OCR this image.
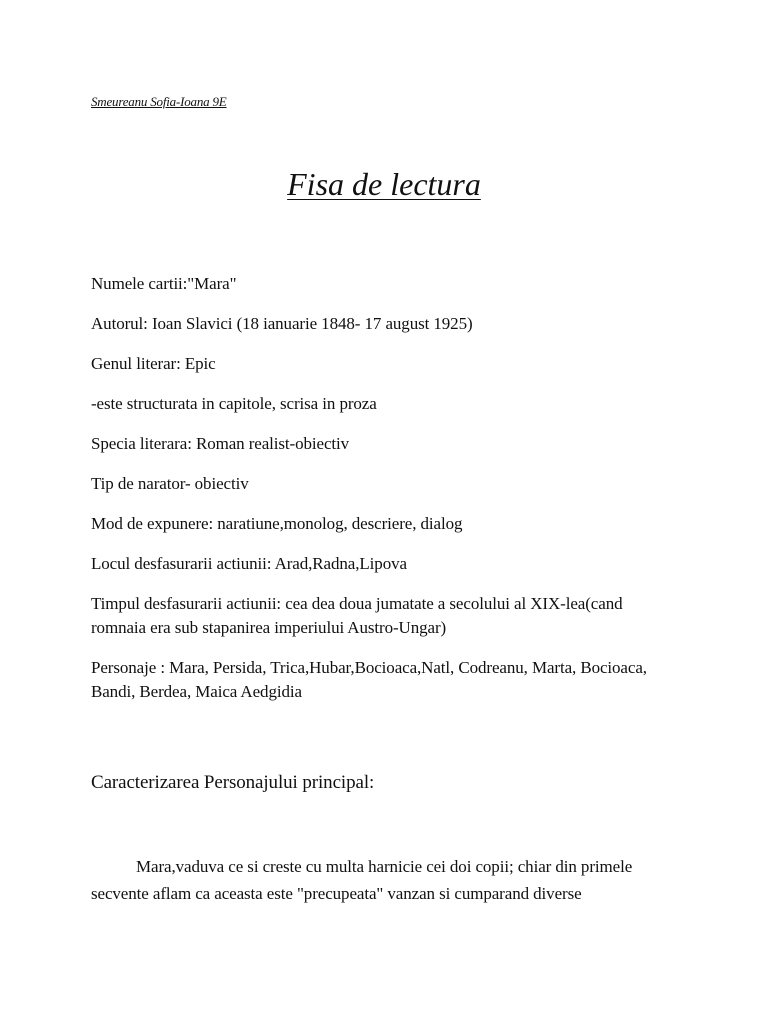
Smeureanu Sofia-Ioana 9E
Fisa de lectura
Numele cartii:"Mara"
Autorul: Ioan Slavici (18 ianuarie 1848- 17 august 1925)
Genul literar: Epic
-este structurata in capitole, scrisa in proza
Specia literara: Roman realist-obiectiv
Tip de narator- obiectiv
Mod de expunere: naratiune,monolog, descriere, dialog
Locul desfasurarii actiunii: Arad,Radna,Lipova
Timpul desfasurarii actiunii: cea dea doua jumatate a secolului al XIX-lea(cand romnaia era sub stapanirea imperiului Austro-Ungar)
Personaje : Mara, Persida, Trica,Hubar,Bocioaca,Natl, Codreanu, Marta, Bocioaca, Bandi, Berdea, Maica Aedgidia
Caracterizarea Personajului principal:
Mara,vaduva ce si creste cu multa harnicie cei doi copii; chiar din primele secvente aflam ca aceasta este "precupeata" vanzan si cumparand diverse
